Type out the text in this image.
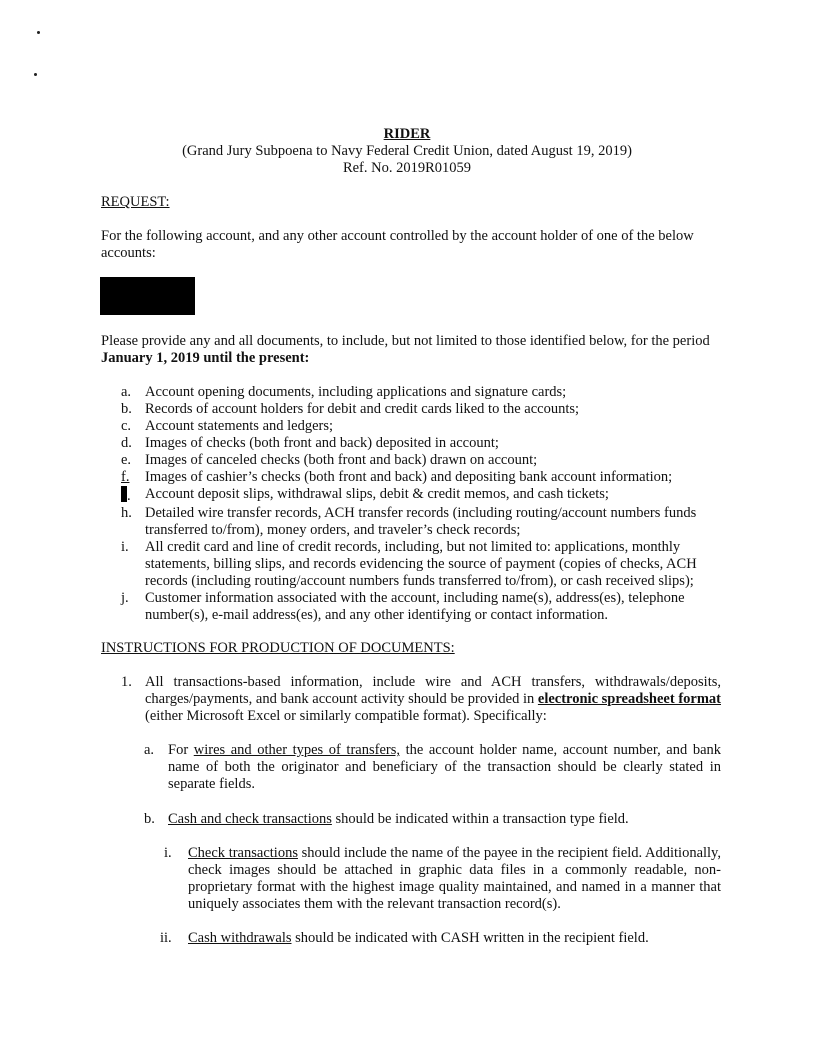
RIDER
(Grand Jury Subpoena to Navy Federal Credit Union, dated August 19, 2019)
Ref. No. 2019R01059
REQUEST:
For the following account, and any other account controlled by the account holder of one of the below accounts:
Please provide any and all documents, to include, but not limited to those identified below, for the period
January 1, 2019 until the present:
a. Account opening documents, including applications and signature cards;
b. Records of account holders for debit and credit cards liked to the accounts;
c. Account statements and ledgers;
d. Images of checks (both front and back) deposited in account;
e. Images of canceled checks (both front and back) drawn on account;
f.	Images of cashier’s checks (both front and back) and depositing bank account information;
. Account deposit slips, withdrawal slips, debit & credit memos, and cash tickets;
h. Detailed wire transfer records, ACH transfer records (including routing/account numbers funds transferred to/from), money orders, and traveler’s check records;
i.	All credit card and line of credit records, including, but not limited to: applications, monthly statements, billing slips, and records evidencing the source of payment (copies of checks, ACH records (including routing/account numbers funds transferred to/from), or cash received slips);
j.	Customer information associated with the account, including name(s), address(es), telephone number(s), e-mail address(es), and any other identifying or contact information.
INSTRUCTIONS FOR PRODUCTION OF DOCUMENTS:
1. All transactions-based information, include wire and ACH transfers, withdrawals/deposits, charges/payments, and bank account activity should be provided in electronic spreadsheet format (either Microsoft Excel or similarly compatible format). Specifically:
a. For wires and other types of transfers, the account holder name, account number, and bank name of both the originator and beneficiary of the transaction should be clearly stated in separate fields.
b. Cash and check transactions should be indicated within a transaction type field.
i.	Check transactions should include the name of the payee in the recipient field. Additionally, check images should be attached in graphic data files in a commonly readable, non-proprietary format with the highest image quality maintained, and named in a manner that uniquely associates them with the relevant transaction record(s).
ii.	Cash withdrawals should be indicated with CASH written in the recipient field.
